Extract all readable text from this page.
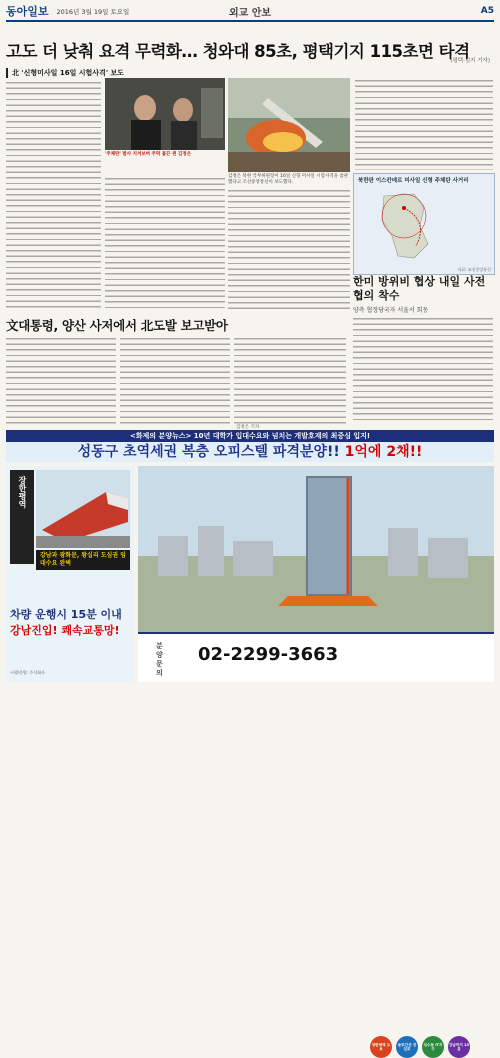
동아일보 2016년 3월 19일 토요일	외교 안보	A5
고도 더 낮춰 요격 무력화… 청와대 85초, 평택기지 115초면 타격
(평택·김지 기자)
北 '신형미사일 16일 시험사격' 보도
'주체탄' 발사 지켜보며 주먹 불끈 쥔 김정은
김정은 북한 국무위원장이 16일 신형 미사일 시험사격을 참관했다고 조선중앙통신이 보도했다.	북한판 이스칸데르 미사일 신형 주체탄 사거리
자료: 조선중앙통신
한미 방위비 협상 내일 사전협의 착수
양측 협정당국자 서울서 회동
文대통령, 양산 사저에서 北도발 보고받아
김정은 기자
<화제의 분양뉴스> 10년 대학가 입대수요와 넘치는 개발호재의 최중심 입지!
성동구 초역세권 복층 오피스텔 파격분양!! 1억에 2채!!
장한평역
강남과 광화문, 왕십리 도심권 임대수요 완벽
차량 운행시 15분 이내
강남진입! 쾌속교통망!
시행/분양: 주식회사
장한평역 도보
동부간선 진입로
성수동 IT지구
강남까지 15분
분양문의
02-2299-3663
